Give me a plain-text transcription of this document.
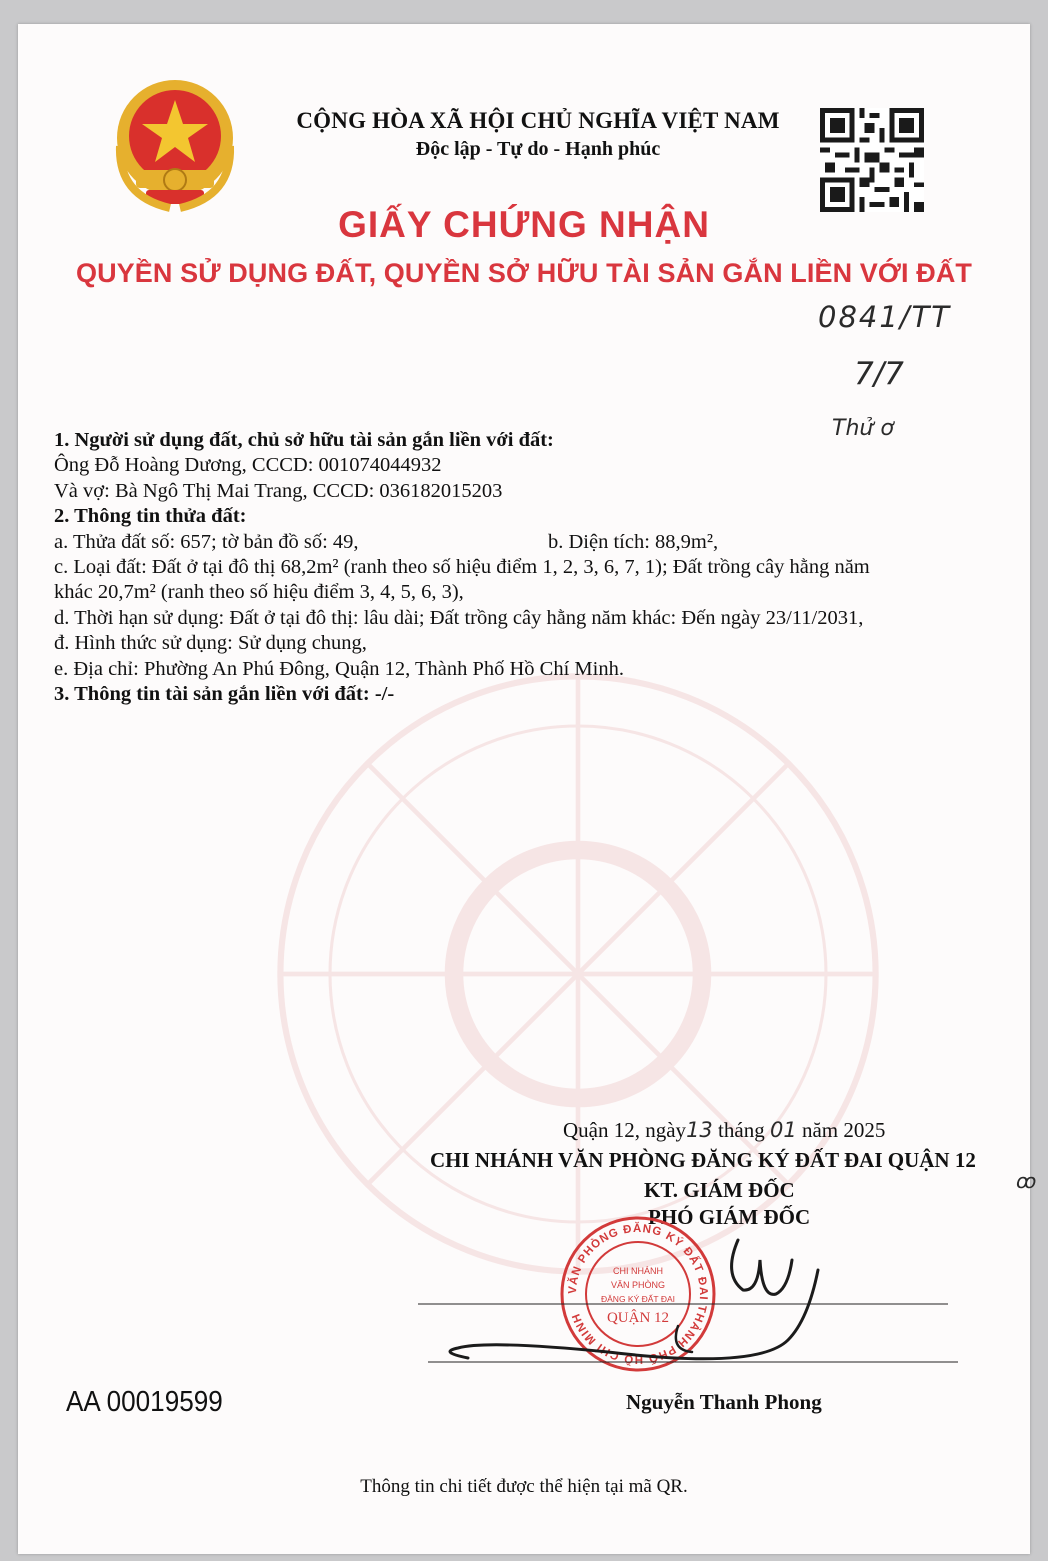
CỘNG HÒA XÃ HỘI CHỦ NGHĨA VIỆT NAM
Độc lập - Tự do - Hạnh phúc
GIẤY CHỨNG NHẬN
QUYỀN SỬ DỤNG ĐẤT, QUYỀN SỞ HỮU TÀI SẢN GẮN LIỀN VỚI ĐẤT
0841/TT
7/7
Thử ơ
1. Người sử dụng đất, chủ sở hữu tài sản gắn liền với đất:
Ông Đỗ Hoàng Dương, CCCD: 001074044932
Và vợ: Bà Ngô Thị Mai Trang, CCCD: 036182015203
2. Thông tin thửa đất:
a. Thửa đất số: 657; tờ bản đồ số: 49,	b. Diện tích: 88,9m²,
c. Loại đất: Đất ở tại đô thị 68,2m² (ranh theo số hiệu điểm 1, 2, 3, 6, 7, 1); Đất trồng cây hằng năm
khác 20,7m² (ranh theo số hiệu điểm 3, 4, 5, 6, 3),
d. Thời hạn sử dụng: Đất ở tại đô thị: lâu dài; Đất trồng cây hằng năm khác: Đến ngày 23/11/2031,
đ. Hình thức sử dụng: Sử dụng chung,
e. Địa chỉ: Phường An Phú Đông, Quận 12, Thành Phố Hồ Chí Minh.
3. Thông tin tài sản gắn liền với đất: -/-
Quận 12, ngày13 tháng 01 năm 2025
CHI NHÁNH VĂN PHÒNG ĐĂNG KÝ ĐẤT ĐAI QUẬN 12
ꝏ
KT. GIÁM ĐỐC
PHÓ GIÁM ĐỐC
VĂN PHÒNG ĐĂNG KÝ ĐẤT ĐAI THÀNH PHỐ HỒ CHÍ MINH
CHI NHÁNH
VĂN PHÒNG
ĐĂNG KÝ ĐẤT ĐAI
QUẬN 12
Nguyễn Thanh Phong
AA 00019599
Thông tin chi tiết được thể hiện tại mã QR.
